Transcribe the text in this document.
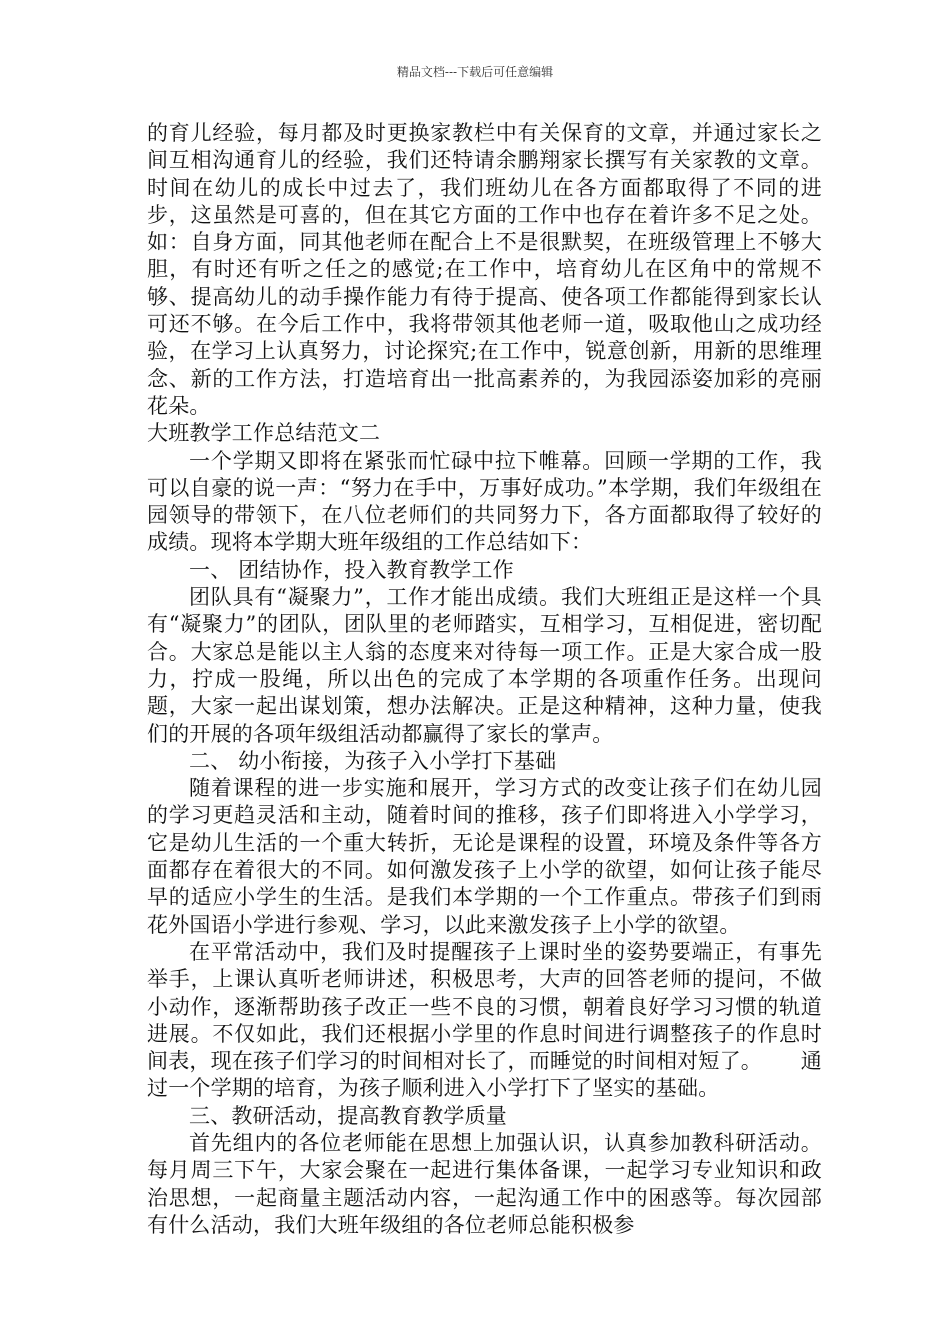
精品文档---下载后可任意编辑

的育儿经验，每月都及时更换家教栏中有关保育的文章，并通过家长之间互相沟通育儿的经验，我们还特请余鹏翔家长撰写有关家教的文章。时间在幼儿的成长中过去了，我们班幼儿在各方面都取得了不同的进步，这虽然是可喜的，但在其它方面的工作中也存在着许多不足之处。如：自身方面，同其他老师在配合上不是很默契，在班级管理上不够大胆，有时还有听之任之的感觉;在工作中，培育幼儿在区角中的常规不够、提高幼儿的动手操作能力有待于提高、使各项工作都能得到家长认可还不够。在今后工作中，我将带领其他老师一道，吸取他山之成功经验，在学习上认真努力，讨论探究;在工作中，锐意创新，用新的思维理念、新的工作方法，打造培育出一批高素养的，为我园添姿加彩的亮丽花朵。

大班教学工作总结范文二

一个学期又即将在紧张而忙碌中拉下帷幕。回顾一学期的工作，我可以自豪的说一声：“努力在手中，万事好成功。”本学期，我们年级组在园领导的带领下，在八位老师们的共同努力下，各方面都取得了较好的成绩。现将本学期大班年级组的工作总结如下：

一、 团结协作，投入教育教学工作

团队具有“凝聚力”，工作才能出成绩。我们大班组正是这样一个具有“凝聚力”的团队，团队里的老师踏实，互相学习，互相促进，密切配合。大家总是能以主人翁的态度来对待每一项工作。正是大家合成一股力，拧成一股绳，所以出色的完成了本学期的各项重作任务。出现问题，大家一起出谋划策，想办法解决。正是这种精神，这种力量，使我们的开展的各项年级组活动都赢得了家长的掌声。

二、 幼小衔接，为孩子入小学打下基础

随着课程的进一步实施和展开，学习方式的改变让孩子们在幼儿园的学习更趋灵活和主动，随着时间的推移，孩子们即将进入小学学习，它是幼儿生活的一个重大转折，无论是课程的设置，环境及条件等各方面都存在着很大的不同。如何激发孩子上小学的欲望，如何让孩子能尽早的适应小学生的生活。是我们本学期的一个工作重点。带孩子们到雨花外国语小学进行参观、学习，以此来激发孩子上小学的欲望。

在平常活动中，我们及时提醒孩子上课时坐的姿势要端正，有事先举手，上课认真听老师讲述，积极思考，大声的回答老师的提问，不做小动作，逐渐帮助孩子改正一些不良的习惯，朝着良好学习习惯的轨道进展。不仅如此，我们还根据小学里的作息时间进行调整孩子的作息时间表，现在孩子们学习的时间相对长了，而睡觉的时间相对短了。　　 通过一个学期的培育，为孩子顺利进入小学打下了坚实的基础。

三、教研活动，提高教育教学质量

首先组内的各位老师能在思想上加强认识，认真参加教科研活动。每月周三下午，大家会聚在一起进行集体备课，一起学习专业知识和政治思想，一起商量主题活动内容，一起沟通工作中的困惑等。每次园部有什么活动，我们大班年级组的各位老师总能积极参
